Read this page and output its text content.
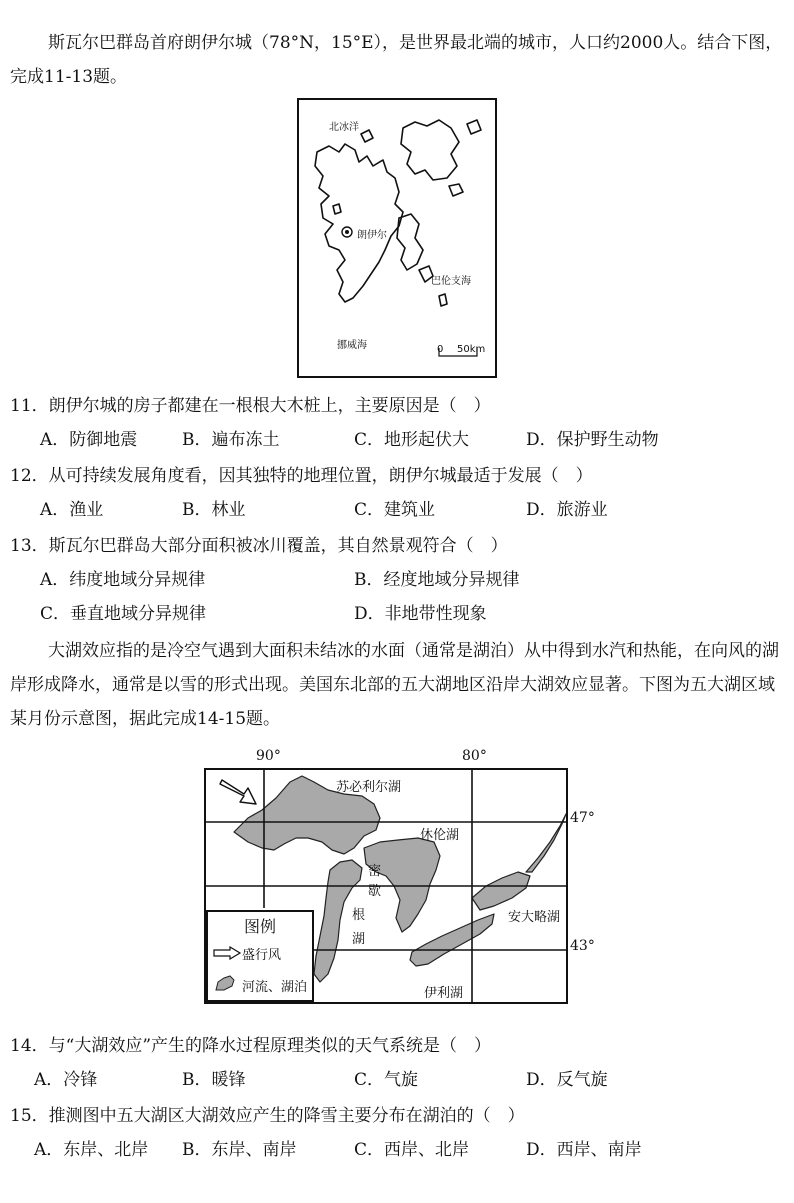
斯瓦尔巴群岛首府朗伊尔城（78°N，15°E），是世界最北端的城市，人口约2000人。结合下图，
完成11-13题。
北冰洋
朗伊尔
巴伦支海
挪威海	0 50km
11．朗伊尔城的房子都建在一根根大木桩上，主要原因是（　）
A．防御地震	B．遍布冻土	C．地形起伏大	D．保护野生动物
12．从可持续发展角度看，因其独特的地理位置，朗伊尔城最适于发展（　）
A．渔业	B．林业	C．建筑业	D．旅游业
13．斯瓦尔巴群岛大部分面积被冰川覆盖，其自然景观符合（　）
A．纬度地域分异规律	B．经度地域分异规律
C．垂直地域分异规律	D．非地带性现象
大湖效应指的是冷空气遇到大面积未结冰的水面（通常是湖泊）从中得到水汽和热能，在向风的湖
岸形成降水，通常是以雪的形式出现。美国东北部的五大湖地区沿岸大湖效应显著。下图为五大湖区域
某月份示意图，据此完成14-15题。
90°	80°
47°
43°
苏必利尔湖
休伦湖
密
歇
根
湖
安大略湖
伊利湖
图例
盛行风
河流、湖泊
14．与“大湖效应”产生的降水过程原理类似的天气系统是（　）
A．冷锋	B．暖锋	C．气旋	D．反气旋
15．推测图中五大湖区大湖效应产生的降雪主要分布在湖泊的（　）
A．东岸、北岸 B．东岸、南岸	C．西岸、北岸	D．西岸、南岸
